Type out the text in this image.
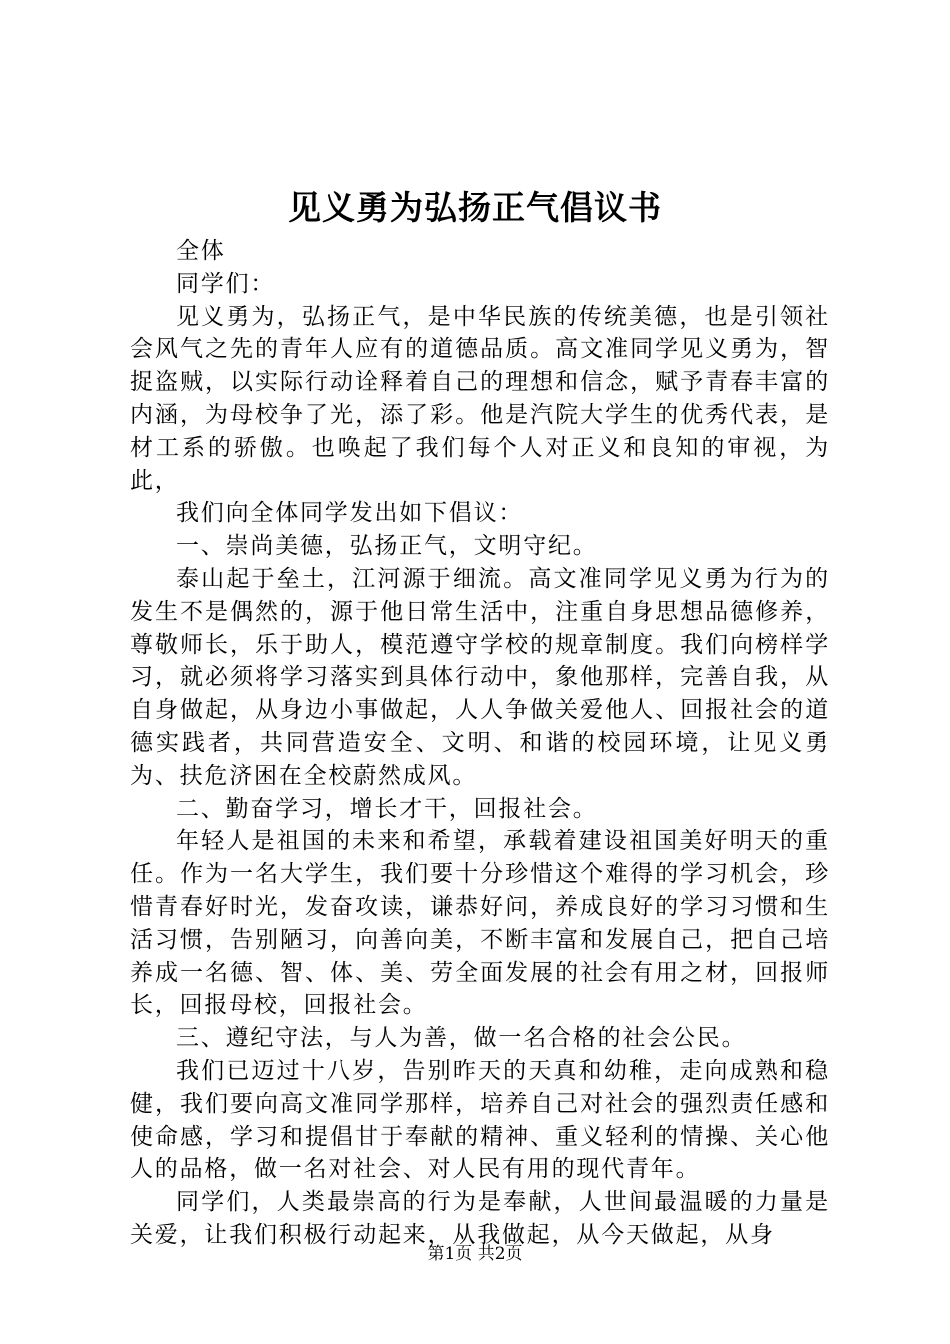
见义勇为弘扬正气倡议书

全体

同学们：

见义勇为，弘扬正气，是中华民族的传统美德，也是引领社会风气之先的青年人应有的道德品质。高文准同学见义勇为，智捉盗贼，以实际行动诠释着自己的理想和信念，赋予青春丰富的内涵，为母校争了光，添了彩。他是汽院大学生的优秀代表，是材工系的骄傲。也唤起了我们每个人对正义和良知的审视，为此，

我们向全体同学发出如下倡议：

一、崇尚美德，弘扬正气，文明守纪。

泰山起于垒土，江河源于细流。高文准同学见义勇为行为的发生不是偶然的，源于他日常生活中，注重自身思想品德修养，尊敬师长，乐于助人，模范遵守学校的规章制度。我们向榜样学习，就必须将学习落实到具体行动中，象他那样，完善自我，从自身做起，从身边小事做起，人人争做关爱他人、回报社会的道德实践者，共同营造安全、文明、和谐的校园环境，让见义勇为、扶危济困在全校蔚然成风。

二、勤奋学习，增长才干，回报社会。

年轻人是祖国的未来和希望，承载着建设祖国美好明天的重任。作为一名大学生，我们要十分珍惜这个难得的学习机会，珍惜青春好时光，发奋攻读，谦恭好问，养成良好的学习习惯和生活习惯，告别陋习，向善向美，不断丰富和发展自己，把自己培养成一名德、智、体、美、劳全面发展的社会有用之材，回报师长，回报母校，回报社会。

三、遵纪守法，与人为善，做一名合格的社会公民。

我们已迈过十八岁，告别昨天的天真和幼稚，走向成熟和稳健，我们要向高文准同学那样，培养自己对社会的强烈责任感和使命感，学习和提倡甘于奉献的精神、重义轻利的情操、关心他人的品格，做一名对社会、对人民有用的现代青年。

同学们，人类最崇高的行为是奉献，人世间最温暖的力量是关爱，让我们积极行动起来，从我做起，从今天做起，从身

第1页 共2页
